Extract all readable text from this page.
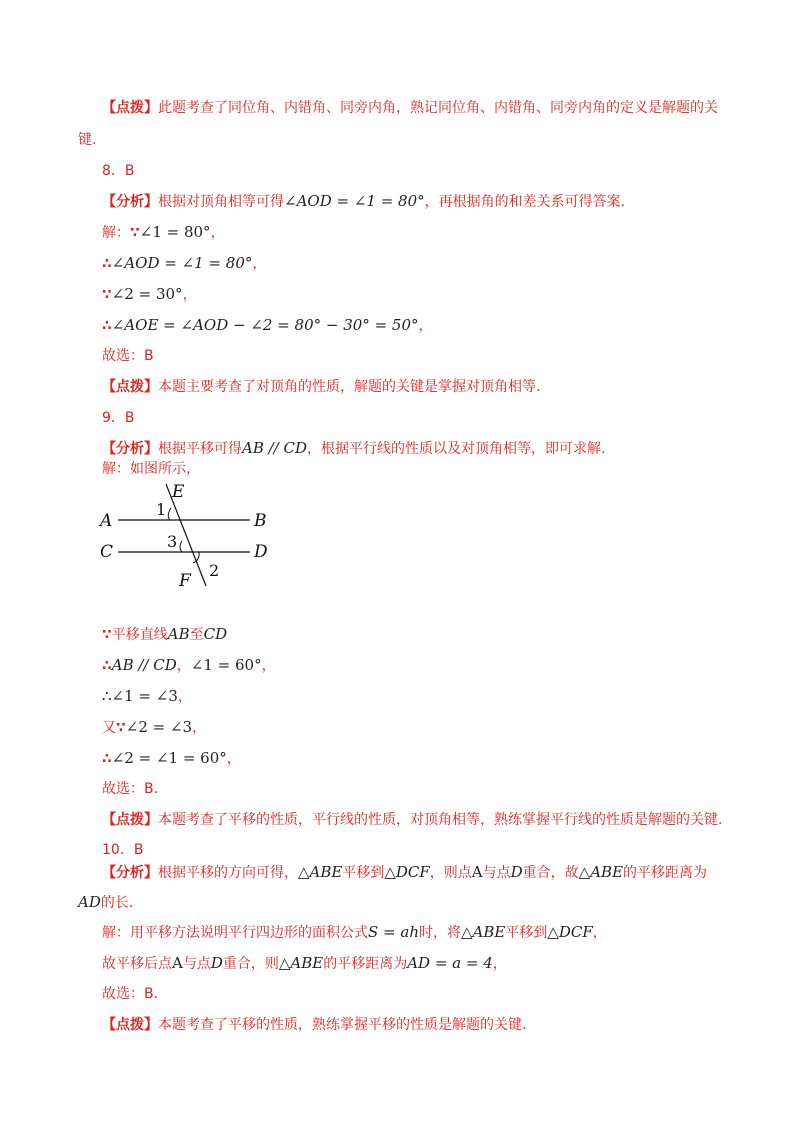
【点拨】此题考查了同位角、内错角、同旁内角，熟记同位角、内错角、同旁内角的定义是解题的关
键.
8．B
【分析】根据对顶角相等可得∠AOD = ∠1 = 80°，再根据角的和差关系可得答案.
解：∵∠1 = 80°，
∴∠AOD = ∠1 = 80°，
∵∠2 = 30°，
∴∠AOE = ∠AOD − ∠2 = 80° − 30° = 50°，
故选：B
【点拨】本题主要考查了对顶角的性质，解题的关键是掌握对顶角相等.
9．B
【分析】根据平移可得AB // CD，根据平行线的性质以及对顶角相等，即可求解.
解：如图所示，
A	B
C	D
E
F
1
3
2
∵平移直线AB至CD
∴AB // CD，∠1 = 60°，
∴∠1 = ∠3，
又∵∠2 = ∠3，
∴∠2 = ∠1 = 60°，
故选：B.
【点拨】本题考查了平移的性质，平行线的性质，对顶角相等，熟练掌握平行线的性质是解题的关键.
10．B
【分析】根据平移的方向可得，△ABE平移到△DCF，则点A与点D重合，故△ABE的平移距离为
AD的长.
解：用平移方法说明平行四边形的面积公式S = ah时，将△ABE平移到△DCF，
故平移后点A与点D重合，则△ABE的平移距离为AD = a = 4，
故选：B.
【点拨】本题考查了平移的性质，熟练掌握平移的性质是解题的关键.
